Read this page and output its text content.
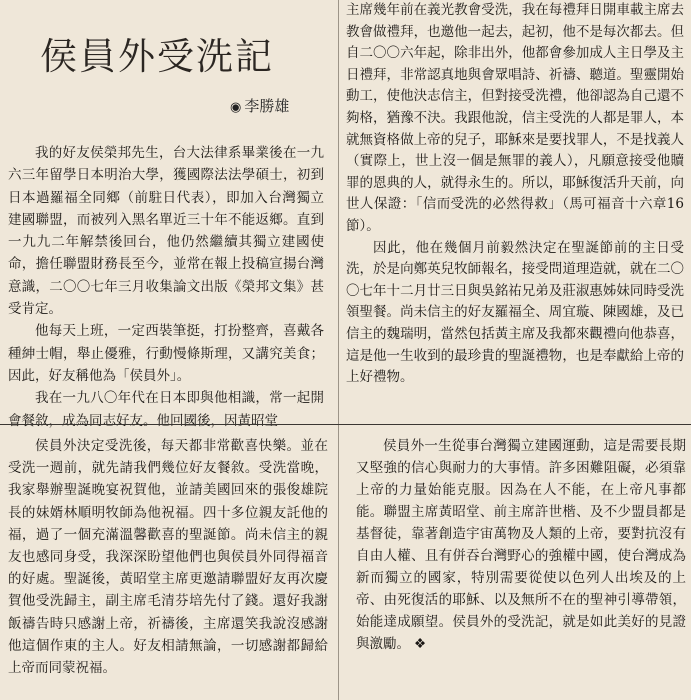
侯員外受洗記
◉ 李勝雄

我的好友侯榮邦先生，台大法律系畢業後在一九六三年留學日本明治大學，獲國際法法學碩士，初到日本過羅福全同鄉（前駐日代表），即加入台灣獨立建國聯盟，而被列入黑名單近三十年不能返鄉。直到一九九二年解禁後回台，他仍然繼續其獨立建國使命，擔任聯盟財務長至今，並常在報上投稿宣揚台灣意識，二〇〇七年三月收集論文出版《榮邦文集》甚受肯定。

他每天上班，一定西裝筆挺，打扮整齊，喜戴各種紳士帽，舉止優雅，行動慢條斯理，又講究美食；因此，好友稱他為「侯員外」。

我在一九八〇年代在日本即與他相識，常一起開會餐敘，成為同志好友。他回國後，因黃昭堂

主席幾年前在義光教會受洗，我在每禮拜日開車載主席去教會做禮拜，也邀他一起去，起初，他不是每次都去。但自二〇〇六年起，除非出外，他都會參加成人主日學及主日禮拜，非常認真地與會眾唱詩、祈禱、聽道。聖靈開始動工，使他決志信主，但對接受洗禮，他卻認為自己還不夠格，猶豫不決。我跟他說，信主受洗的人都是罪人，本就無資格做上帝的兒子，耶穌來是要找罪人，不是找義人（實際上，世上沒一個是無罪的義人），凡願意接受他贖罪的恩典的人，就得永生的。所以，耶穌復活升天前，向世人保證：「信而受洗的必然得救」（馬可福音十六章16節）。

因此，他在幾個月前毅然決定在聖誕節前的主日受洗，於是向鄭英兒牧師報名，接受問道理造就，就在二〇〇七年十二月廿三日與吳銘祐兄弟及莊淑惠姊妹同時受洗領聖餐。尚未信主的好友羅福全、周宜璇、陳國雄，及已信主的魏瑞明，當然包括黃主席及我都來觀禮向他恭喜，這是他一生收到的最珍貴的聖誕禮物，也是奉獻給上帝的上好禮物。

侯員外決定受洗後，每天都非常歡喜快樂。並在受洗一週前，就先請我們幾位好友餐敘。受洗當晚，我家舉辦聖誕晚宴祝賀他，並請美國回來的張俊雄院長的妹婿林順明牧師為他祝福。四十多位親友託他的福，過了一個充滿溫馨歡喜的聖誕節。尚未信主的親友也感同身受，我深深盼望他們也與侯員外同得福音的好處。聖誕後，黃昭堂主席更邀請聯盟好友再次慶賀他受洗歸主，副主席毛清芬培先付了錢。還好我謝飯禱告時只感謝上帝，祈禱後，主席還笑我說沒感謝他這個作東的主人。好友相請無論，一切感謝都歸給上帝而同蒙祝福。

侯員外一生從事台灣獨立建國運動，這是需要長期又堅強的信心與耐力的大事情。許多困難阻礙，必須靠上帝的力量始能克服。因為在人不能，在上帝凡事都能。聯盟主席黃昭堂、前主席許世楷、及不少盟員都是基督徒，靠著創造宇宙萬物及人類的上帝，要對抗沒有自由人權、且有併吞台灣野心的強權中國，使台灣成為新而獨立的國家，特別需要從使以色列人出埃及的上帝、由死復活的耶穌、以及無所不在的聖神引導帶領，始能達成願望。侯員外的受洗記，就是如此美好的見證與激勵。 ❖
